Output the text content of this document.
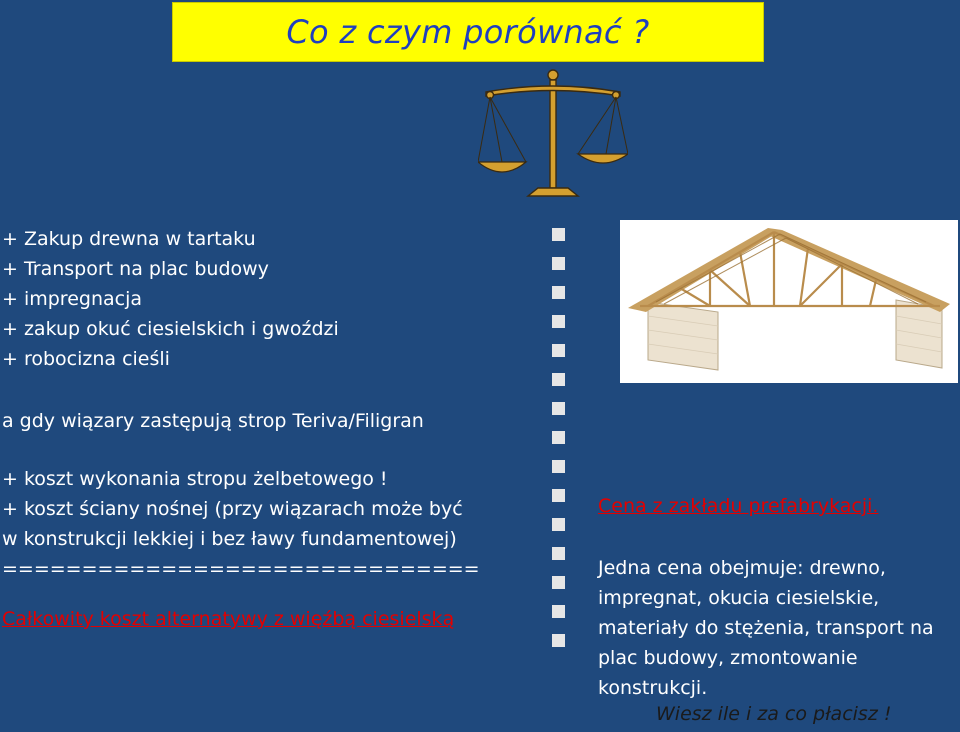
Co z czym porównać ?
+ Zakup drewna w tartaku
+ Transport na plac budowy
+ impregnacja
+ zakup okuć ciesielskich i gwoździ
+ robocizna cieśli
a gdy wiązary zastępują strop Teriva/Filigran
+ koszt wykonania stropu żelbetowego !
+ koszt ściany nośnej (przy wiązarach może być
w konstrukcji lekkiej i bez ławy fundamentowej)
==============================
Całkowity koszt alternatywy z więźbą ciesielską
Cena z zakładu prefabrykacji.
Jedna cena obejmuje: drewno,
impregnat, okucia ciesielskie,
materiały do stężenia, transport na
plac budowy, zmontowanie
konstrukcji.
Wiesz ile i za co płacisz !
